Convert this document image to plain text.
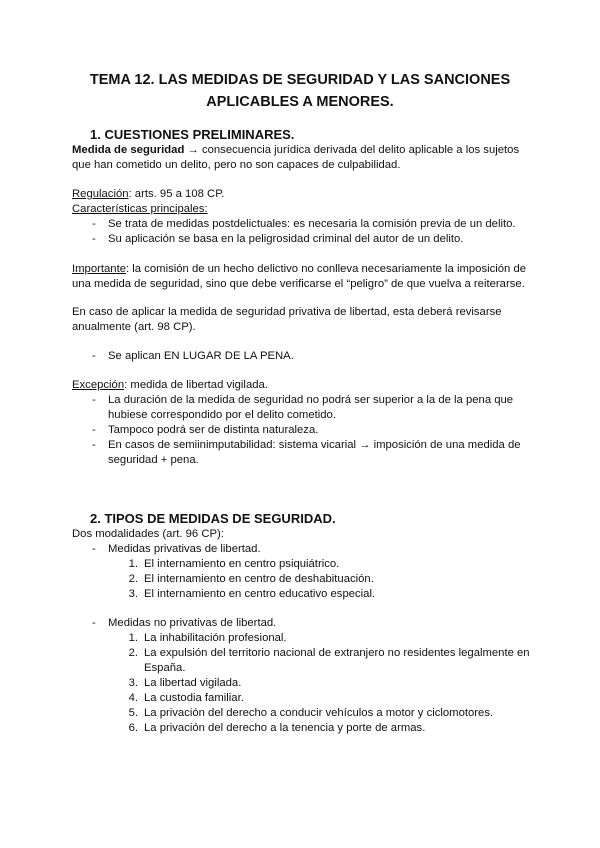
TEMA 12. LAS MEDIDAS DE SEGURIDAD Y LAS SANCIONES
APLICABLES A MENORES.
1. CUESTIONES PRELIMINARES.
Medida de seguridad → consecuencia jurídica derivada del delito aplicable a los sujetos
que han cometido un delito, pero no son capaces de culpabilidad.
Regulación: arts. 95 a 108 CP.
Características principales:
- Se trata de medidas postdelictuales: es necesaria la comisión previa de un delito.
- Su aplicación se basa en la peligrosidad criminal del autor de un delito.
Importante: la comisión de un hecho delictivo no conlleva necesariamente la imposición de
una medida de seguridad, sino que debe verificarse el “peligro” de que vuelva a reiterarse.
En caso de aplicar la medida de seguridad privativa de libertad, esta deberá revisarse
anualmente (art. 98 CP).
- Se aplican EN LUGAR DE LA PENA.
Excepción: medida de libertad vigilada.
- La duración de la medida de seguridad no podrá ser superior a la de la pena que
hubiese correspondido por el delito cometido.
- Tampoco podrá ser de distinta naturaleza.
- En casos de semiinimputabilidad: sistema vicarial → imposición de una medida de
seguridad + pena.
2. TIPOS DE MEDIDAS DE SEGURIDAD.
Dos modalidades (art. 96 CP):
- Medidas privativas de libertad.
1. El internamiento en centro psiquiátrico.
2. El internamiento en centro de deshabituación.
3. El internamiento en centro educativo especial.
- Medidas no privativas de libertad.
1. La inhabilitación profesional.
2. La expulsión del territorio nacional de extranjero no residentes legalmente en
España.
3. La libertad vigilada.
4. La custodia familiar.
5. La privación del derecho a conducir vehículos a motor y ciclomotores.
6. La privación del derecho a la tenencia y porte de armas.
